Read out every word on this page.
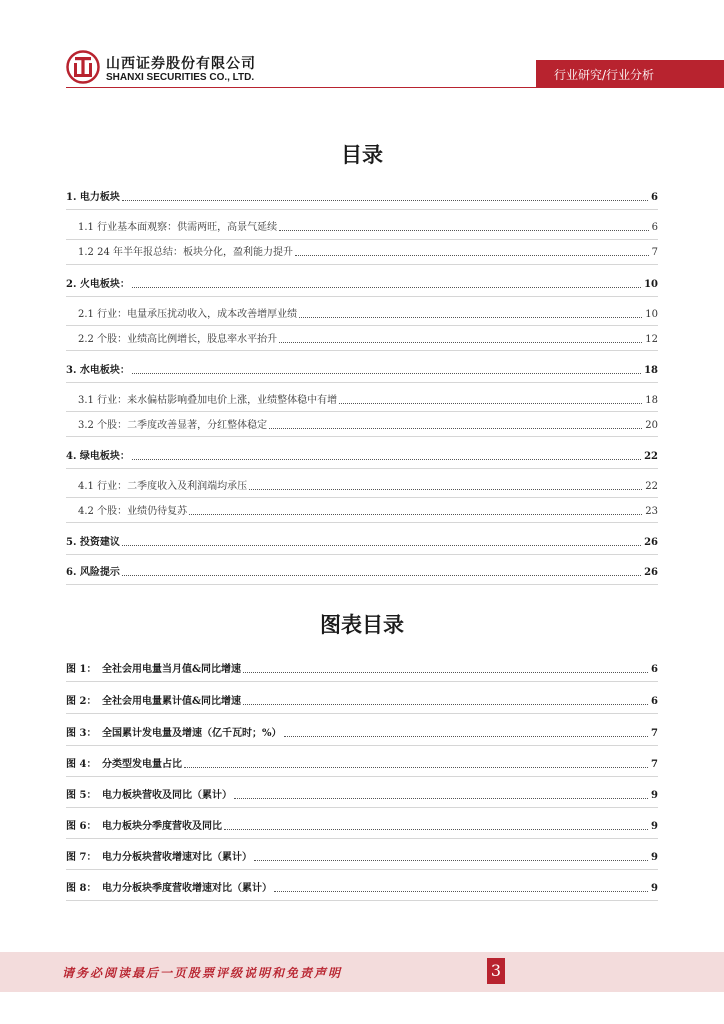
山西证券股份有限公司
SHANXI SECURITIES CO., LTD.	行业研究/行业分析
目录
1. 电力板块	6
1.1 行业基本面观察：供需两旺，高景气延续	6
1.2 24 年半年报总结：板块分化，盈利能力提升	7
2. 火电板块：	10
2.1 行业：电量承压扰动收入，成本改善增厚业绩	10
2.2 个股：业绩高比例增长，股息率水平抬升	12
3. 水电板块：	18
3.1 行业：来水偏枯影响叠加电价上涨，业绩整体稳中有增	18
3.2 个股：二季度改善显著，分红整体稳定	20
4. 绿电板块：	22
4.1 行业：二季度收入及利润端均承压	22
4.2 个股：业绩仍待复苏	23
5. 投资建议	26
6. 风险提示	26
图表目录
图 1： 全社会用电量当月值&同比增速	6
图 2： 全社会用电量累计值&同比增速	6
图 3： 全国累计发电量及增速（亿千瓦时；%）	7
图 4： 分类型发电量占比	7
图 5： 电力板块营收及同比（累计）	9
图 6： 电力板块分季度营收及同比	9
图 7： 电力分板块营收增速对比（累计）	9
图 8： 电力分板块季度营收增速对比（累计）	9
请务必阅读最后一页股票评级说明和免责声明	3
